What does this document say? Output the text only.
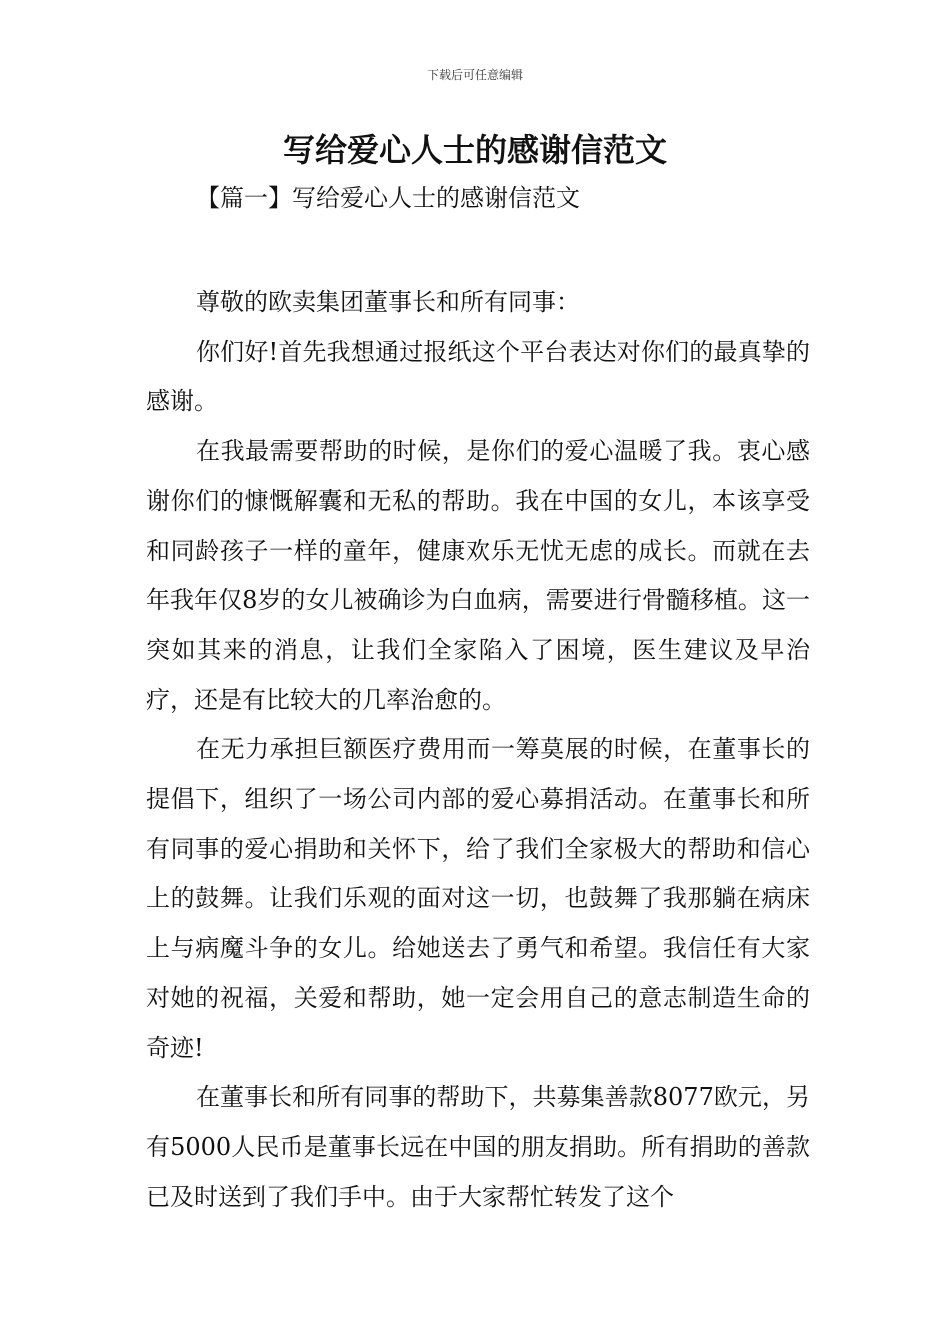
下载后可任意编辑
写给爱心人士的感谢信范文
【篇一】写给爱心人士的感谢信范文

尊敬的欧卖集团董事长和所有同事：

你们好!首先我想通过报纸这个平台表达对你们的最真挚的感谢。

在我最需要帮助的时候，是你们的爱心温暖了我。衷心感谢你们的慷慨解囊和无私的帮助。我在中国的女儿，本该享受和同龄孩子一样的童年，健康欢乐无忧无虑的成长。而就在去年我年仅8岁的女儿被确诊为白血病，需要进行骨髓移植。这一突如其来的消息，让我们全家陷入了困境，医生建议及早治疗，还是有比较大的几率治愈的。

在无力承担巨额医疗费用而一筹莫展的时候，在董事长的提倡下，组织了一场公司内部的爱心募捐活动。在董事长和所有同事的爱心捐助和关怀下，给了我们全家极大的帮助和信心上的鼓舞。让我们乐观的面对这一切，也鼓舞了我那躺在病床上与病魔斗争的女儿。给她送去了勇气和希望。我信任有大家对她的祝福，关爱和帮助，她一定会用自己的意志制造生命的奇迹!

在董事长和所有同事的帮助下，共募集善款8077欧元，另有5000人民币是董事长远在中国的朋友捐助。所有捐助的善款已及时送到了我们手中。由于大家帮忙转发了这个
